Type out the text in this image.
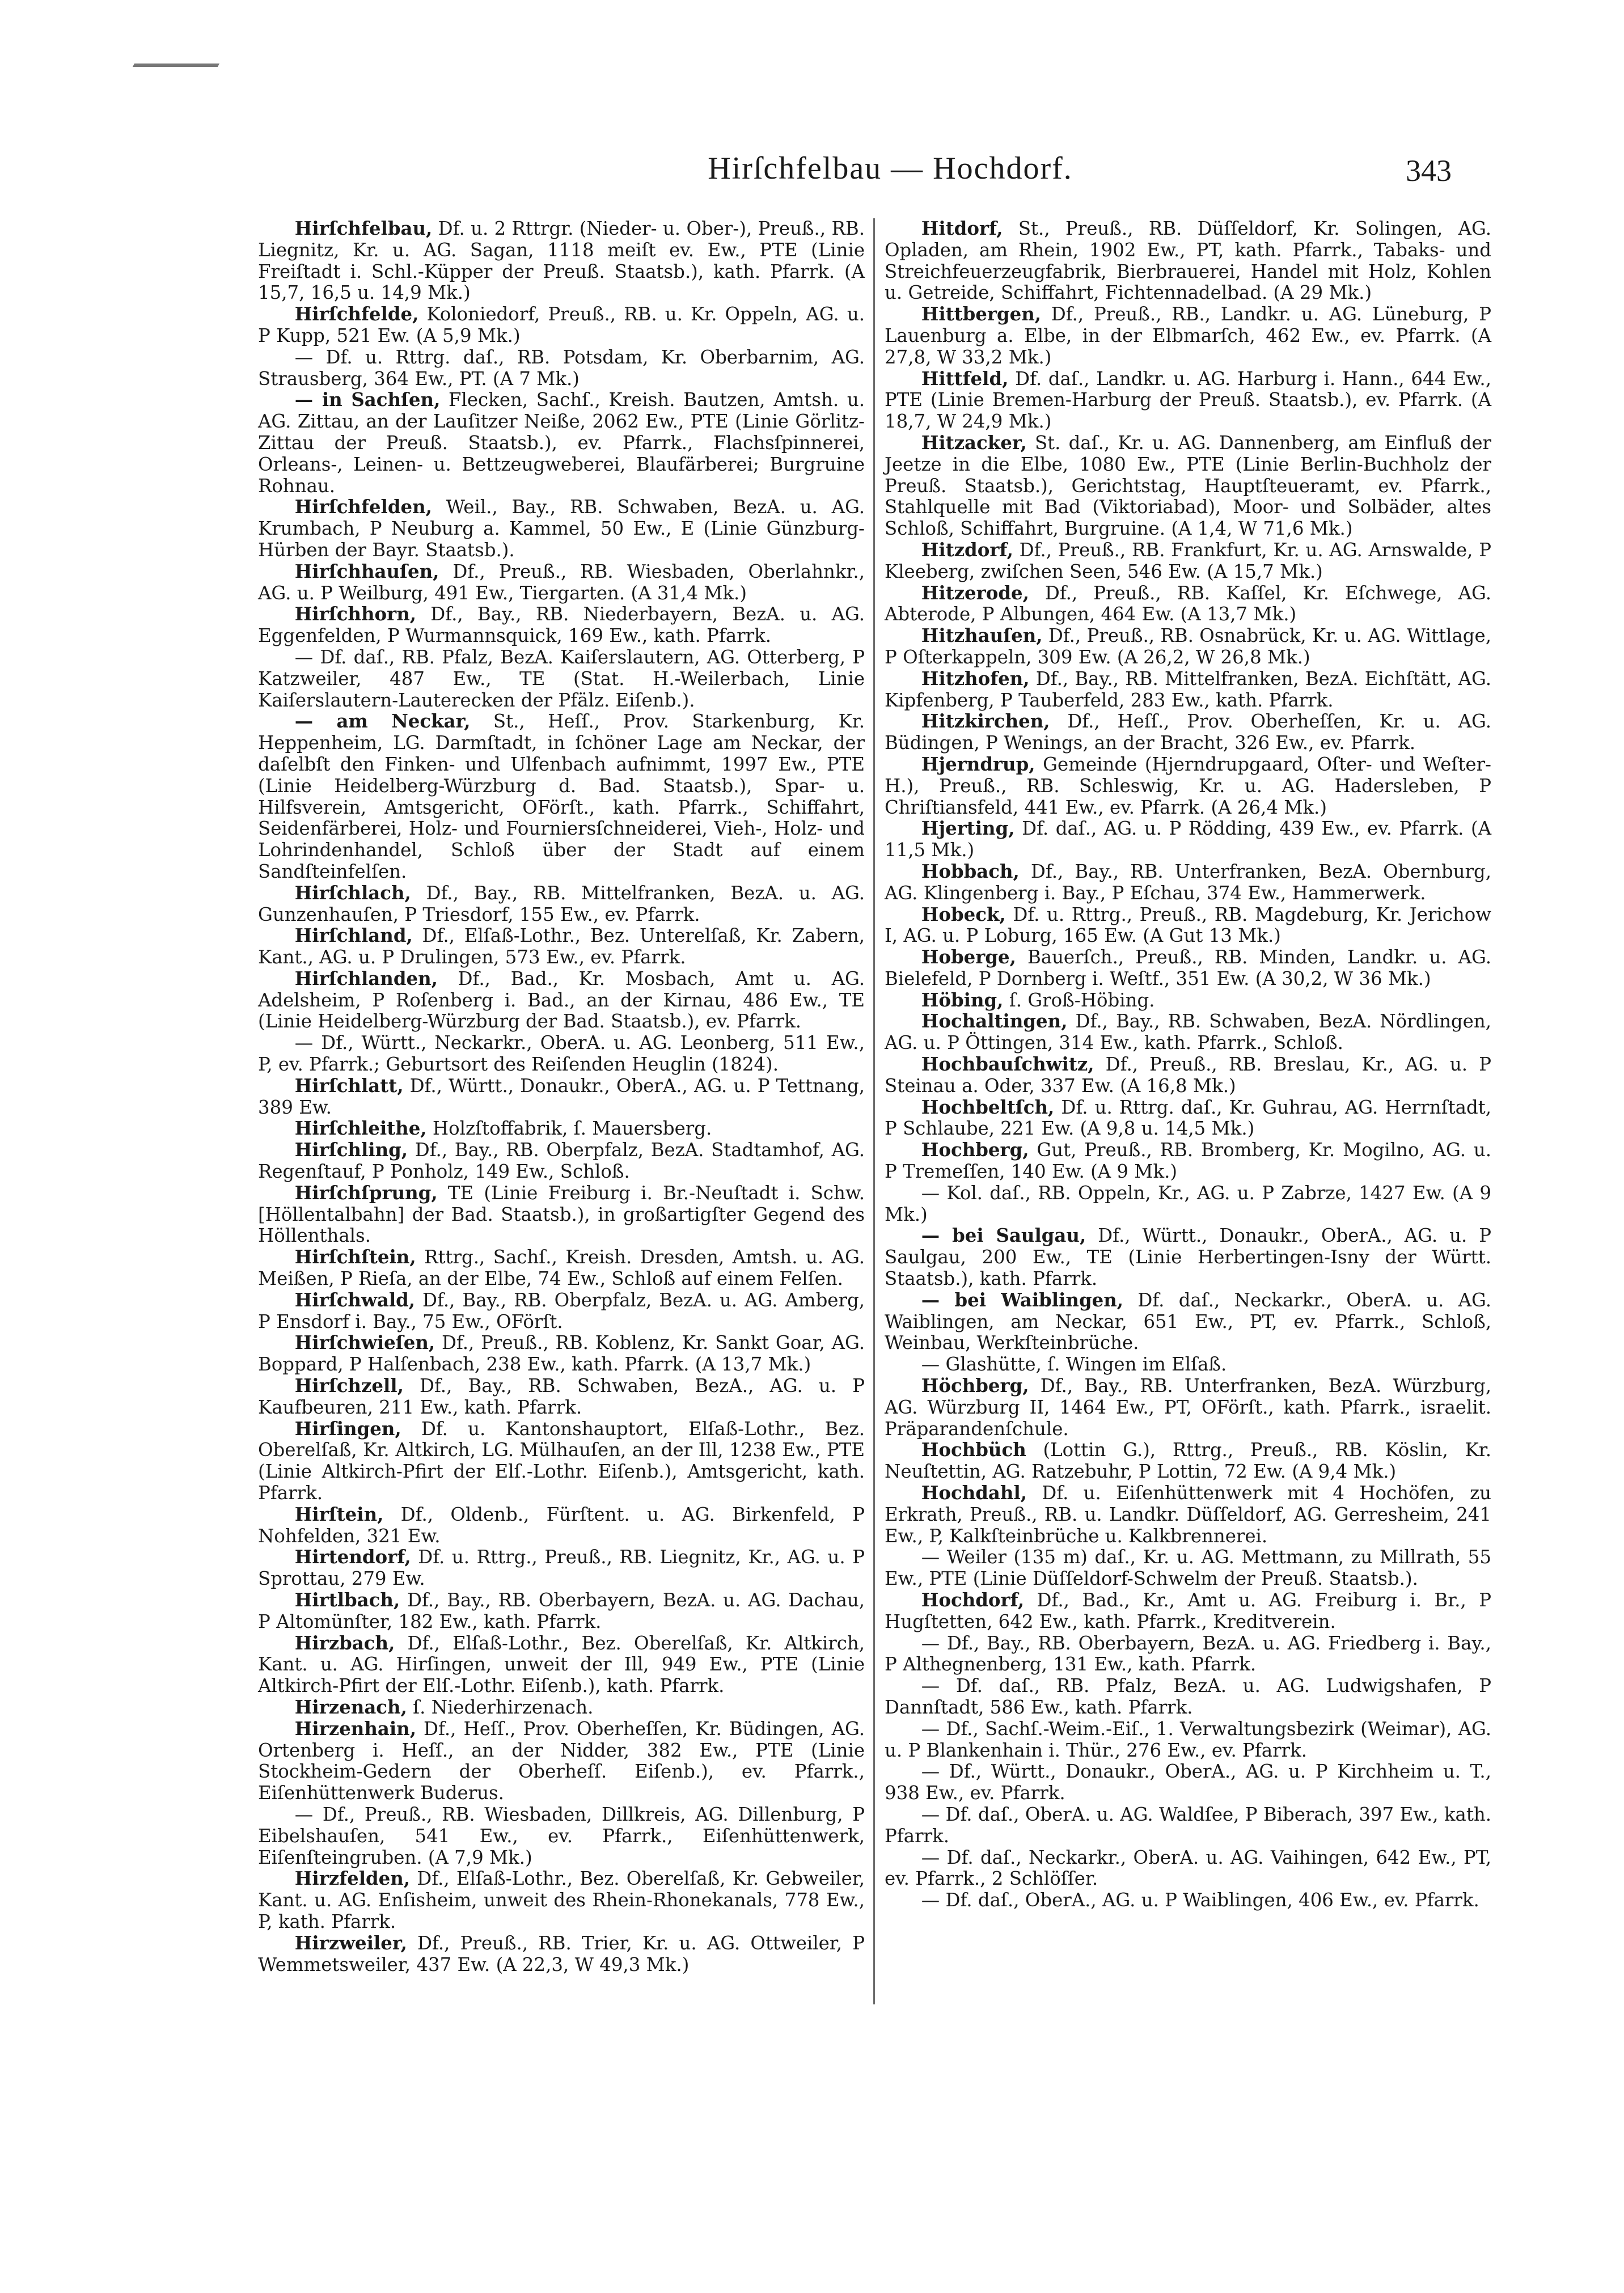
Hirſchfelbau — Hochdorf.	343

Hirſchfelbau, Df. u. 2 Rttrgr. (Nieder- u. Ober-), Preuß., RB. Liegnitz, Kr. u. AG. Sagan, 1118 meiſt ev. Ew., PTE (Linie Freiſtadt i. Schl.-Küpper der Preuß. Staatsb.), kath. Pfarrk. (A 15,7, 16,5 u. 14,9 Mk.)

Hirſchfelde, Koloniedorf, Preuß., RB. u. Kr. Oppeln, AG. u. P Kupp, 521 Ew. (A 5,9 Mk.)

— Df. u. Rttrg. daſ., RB. Potsdam, Kr. Oberbarnim, AG. Strausberg, 364 Ew., PT. (A 7 Mk.)

— in Sachſen, Flecken, Sachſ., Kreish. Bautzen, Amtsh. u. AG. Zittau, an der Lauſitzer Neiße, 2062 Ew., PTE (Linie Görlitz-Zittau der Preuß. Staatsb.), ev. Pfarrk., Flachsſpinnerei, Orleans-, Leinen- u. Bettzeugweberei, Blaufärberei; Burgruine Rohnau.

Hirſchfelden, Weil., Bay., RB. Schwaben, BezA. u. AG. Krumbach, P Neuburg a. Kammel, 50 Ew., E (Linie Günzburg-Hürben der Bayr. Staatsb.).

Hirſchhauſen, Df., Preuß., RB. Wiesbaden, Oberlahnkr., AG. u. P Weilburg, 491 Ew., Tiergarten. (A 31,4 Mk.)

Hirſchhorn, Df., Bay., RB. Niederbayern, BezA. u. AG. Eggenfelden, P Wurmannsquick, 169 Ew., kath. Pfarrk.

— Df. daſ., RB. Pfalz, BezA. Kaiſerslautern, AG. Otterberg, P Katzweiler, 487 Ew., TE (Stat. H.-Weilerbach, Linie Kaiſerslautern-Lauterecken der Pfälz. Eiſenb.).

— am Neckar, St., Heſſ., Prov. Starkenburg, Kr. Heppenheim, LG. Darmſtadt, in ſchöner Lage am Neckar, der daſelbſt den Finken- und Ulfenbach aufnimmt, 1997 Ew., PTE (Linie Heidelberg-Würzburg d. Bad. Staatsb.), Spar- u. Hilfsverein, Amtsgericht, OFörſt., kath. Pfarrk., Schiffahrt, Seidenfärberei, Holz- und Fourniersſchneiderei, Vieh-, Holz- und Lohrindenhandel, Schloß über der Stadt auf einem Sandſteinfelſen.

Hirſchlach, Df., Bay., RB. Mittelfranken, BezA. u. AG. Gunzenhauſen, P Triesdorf, 155 Ew., ev. Pfarrk.

Hirſchland, Df., Elſaß-Lothr., Bez. Unterelſaß, Kr. Zabern, Kant., AG. u. P Drulingen, 573 Ew., ev. Pfarrk.

Hirſchlanden, Df., Bad., Kr. Mosbach, Amt u. AG. Adelsheim, P Roſenberg i. Bad., an der Kirnau, 486 Ew., TE (Linie Heidelberg-Würzburg der Bad. Staatsb.), ev. Pfarrk.

— Df., Württ., Neckarkr., OberA. u. AG. Leonberg, 511 Ew., P, ev. Pfarrk.; Geburtsort des Reiſenden Heuglin (1824).

Hirſchlatt, Df., Württ., Donaukr., OberA., AG. u. P Tettnang, 389 Ew.

Hirſchleithe, Holzſtoffabrik, ſ. Mauersberg.

Hirſchling, Df., Bay., RB. Oberpfalz, BezA. Stadtamhof, AG. Regenſtauf, P Ponholz, 149 Ew., Schloß.

Hirſchſprung, TE (Linie Freiburg i. Br.-Neuſtadt i. Schw. [Höllentalbahn] der Bad. Staatsb.), in großartigſter Gegend des Höllenthals.

Hirſchſtein, Rttrg., Sachſ., Kreish. Dresden, Amtsh. u. AG. Meißen, P Rieſa, an der Elbe, 74 Ew., Schloß auf einem Felſen.

Hirſchwald, Df., Bay., RB. Oberpfalz, BezA. u. AG. Amberg, P Ensdorf i. Bay., 75 Ew., OFörſt.

Hirſchwieſen, Df., Preuß., RB. Koblenz, Kr. Sankt Goar, AG. Boppard, P Halſenbach, 238 Ew., kath. Pfarrk. (A 13,7 Mk.)

Hirſchzell, Df., Bay., RB. Schwaben, BezA., AG. u. P Kaufbeuren, 211 Ew., kath. Pfarrk.

Hirſingen, Df. u. Kantonshauptort, Elſaß-Lothr., Bez. Oberelſaß, Kr. Altkirch, LG. Mülhauſen, an der Ill, 1238 Ew., PTE (Linie Altkirch-Pfirt der Elſ.-Lothr. Eiſenb.), Amtsgericht, kath. Pfarrk.

Hirſtein, Df., Oldenb., Fürſtent. u. AG. Birkenfeld, P Nohfelden, 321 Ew.

Hirtendorf, Df. u. Rttrg., Preuß., RB. Liegnitz, Kr., AG. u. P Sprottau, 279 Ew.

Hirtlbach, Df., Bay., RB. Oberbayern, BezA. u. AG. Dachau, P Altomünſter, 182 Ew., kath. Pfarrk.

Hirzbach, Df., Elſaß-Lothr., Bez. Oberelſaß, Kr. Altkirch, Kant. u. AG. Hirſingen, unweit der Ill, 949 Ew., PTE (Linie Altkirch-Pfirt der Elſ.-Lothr. Eiſenb.), kath. Pfarrk.

Hirzenach, ſ. Niederhirzenach.

Hirzenhain, Df., Heſſ., Prov. Oberheſſen, Kr. Büdingen, AG. Ortenberg i. Heſſ., an der Nidder, 382 Ew., PTE (Linie Stockheim-Gedern der Oberheſſ. Eiſenb.), ev. Pfarrk., Eiſenhüttenwerk Buderus.

— Df., Preuß., RB. Wiesbaden, Dillkreis, AG. Dillenburg, P Eibelshauſen, 541 Ew., ev. Pfarrk., Eiſenhüttenwerk, Eiſenſteingruben. (A 7,9 Mk.)

Hirzfelden, Df., Elſaß-Lothr., Bez. Oberelſaß, Kr. Gebweiler, Kant. u. AG. Enſisheim, unweit des Rhein-Rhonekanals, 778 Ew., P, kath. Pfarrk.

Hirzweiler, Df., Preuß., RB. Trier, Kr. u. AG. Ottweiler, P Wemmetsweiler, 437 Ew. (A 22,3, W 49,3 Mk.)

Hitdorf, St., Preuß., RB. Düſſeldorf, Kr. Solingen, AG. Opladen, am Rhein, 1902 Ew., PT, kath. Pfarrk., Tabaks- und Streichfeuerzeugfabrik, Bierbrauerei, Handel mit Holz, Kohlen u. Getreide, Schiffahrt, Fichtennadelbad. (A 29 Mk.)

Hittbergen, Df., Preuß., RB., Landkr. u. AG. Lüneburg, P Lauenburg a. Elbe, in der Elbmarſch, 462 Ew., ev. Pfarrk. (A 27,8, W 33,2 Mk.)

Hittfeld, Df. daſ., Landkr. u. AG. Harburg i. Hann., 644 Ew., PTE (Linie Bremen-Harburg der Preuß. Staatsb.), ev. Pfarrk. (A 18,7, W 24,9 Mk.)

Hitzacker, St. daſ., Kr. u. AG. Dannenberg, am Einfluß der Jeetze in die Elbe, 1080 Ew., PTE (Linie Berlin-Buchholz der Preuß. Staatsb.), Gerichtstag, Hauptſteueramt, ev. Pfarrk., Stahlquelle mit Bad (Viktoriabad), Moor- und Solbäder, altes Schloß, Schiffahrt, Burgruine. (A 1,4, W 71,6 Mk.)

Hitzdorf, Df., Preuß., RB. Frankfurt, Kr. u. AG. Arnswalde, P Kleeberg, zwiſchen Seen, 546 Ew. (A 15,7 Mk.)

Hitzerode, Df., Preuß., RB. Kaſſel, Kr. Eſchwege, AG. Abterode, P Albungen, 464 Ew. (A 13,7 Mk.)

Hitzhauſen, Df., Preuß., RB. Osnabrück, Kr. u. AG. Wittlage, P Oſterkappeln, 309 Ew. (A 26,2, W 26,8 Mk.)

Hitzhofen, Df., Bay., RB. Mittelfranken, BezA. Eichſtätt, AG. Kipfenberg, P Tauberfeld, 283 Ew., kath. Pfarrk.

Hitzkirchen, Df., Heſſ., Prov. Oberheſſen, Kr. u. AG. Büdingen, P Wenings, an der Bracht, 326 Ew., ev. Pfarrk.

Hjerndrup, Gemeinde (Hjerndrupgaard, Oſter- und Weſter-H.), Preuß., RB. Schleswig, Kr. u. AG. Hadersleben, P Chriſtiansfeld, 441 Ew., ev. Pfarrk. (A 26,4 Mk.)

Hjerting, Df. daſ., AG. u. P Rödding, 439 Ew., ev. Pfarrk. (A 11,5 Mk.)

Hobbach, Df., Bay., RB. Unterfranken, BezA. Obernburg, AG. Klingenberg i. Bay., P Eſchau, 374 Ew., Hammerwerk.

Hobeck, Df. u. Rttrg., Preuß., RB. Magdeburg, Kr. Jerichow I, AG. u. P Loburg, 165 Ew. (A Gut 13 Mk.)

Hoberge, Bauerſch., Preuß., RB. Minden, Landkr. u. AG. Bielefeld, P Dornberg i. Weſtf., 351 Ew. (A 30,2, W 36 Mk.)

Höbing, ſ. Groß-Höbing.

Hochaltingen, Df., Bay., RB. Schwaben, BezA. Nördlingen, AG. u. P Öttingen, 314 Ew., kath. Pfarrk., Schloß.

Hochbauſchwitz, Df., Preuß., RB. Breslau, Kr., AG. u. P Steinau a. Oder, 337 Ew. (A 16,8 Mk.)

Hochbeltſch, Df. u. Rttrg. daſ., Kr. Guhrau, AG. Herrnſtadt, P Schlaube, 221 Ew. (A 9,8 u. 14,5 Mk.)

Hochberg, Gut, Preuß., RB. Bromberg, Kr. Mogilno, AG. u. P Tremeſſen, 140 Ew. (A 9 Mk.)

— Kol. daſ., RB. Oppeln, Kr., AG. u. P Zabrze, 1427 Ew. (A 9 Mk.)

— bei Saulgau, Df., Württ., Donaukr., OberA., AG. u. P Saulgau, 200 Ew., TE (Linie Herbertingen-Isny der Württ. Staatsb.), kath. Pfarrk.

— bei Waiblingen, Df. daſ., Neckarkr., OberA. u. AG. Waiblingen, am Neckar, 651 Ew., PT, ev. Pfarrk., Schloß, Weinbau, Werkſteinbrüche.

— Glashütte, ſ. Wingen im Elſaß.

Höchberg, Df., Bay., RB. Unterfranken, BezA. Würzburg, AG. Würzburg II, 1464 Ew., PT, OFörſt., kath. Pfarrk., israelit. Präparandenſchule.

Hochbüch (Lottin G.), Rttrg., Preuß., RB. Köslin, Kr. Neuſtettin, AG. Ratzebuhr, P Lottin, 72 Ew. (A 9,4 Mk.)

Hochdahl, Df. u. Eiſenhüttenwerk mit 4 Hochöfen, zu Erkrath, Preuß., RB. u. Landkr. Düſſeldorf, AG. Gerresheim, 241 Ew., P, Kalkſteinbrüche u. Kalkbrennerei.

— Weiler (135 m) daſ., Kr. u. AG. Mettmann, zu Millrath, 55 Ew., PTE (Linie Düſſeldorf-Schwelm der Preuß. Staatsb.).

Hochdorf, Df., Bad., Kr., Amt u. AG. Freiburg i. Br., P Hugſtetten, 642 Ew., kath. Pfarrk., Kreditverein.

— Df., Bay., RB. Oberbayern, BezA. u. AG. Friedberg i. Bay., P Althegnenberg, 131 Ew., kath. Pfarrk.

— Df. daſ., RB. Pfalz, BezA. u. AG. Ludwigshafen, P Dannſtadt, 586 Ew., kath. Pfarrk.

— Df., Sachſ.-Weim.-Eiſ., 1. Verwaltungsbezirk (Weimar), AG. u. P Blankenhain i. Thür., 276 Ew., ev. Pfarrk.

— Df., Württ., Donaukr., OberA., AG. u. P Kirchheim u. T., 938 Ew., ev. Pfarrk.

— Df. daſ., OberA. u. AG. Waldſee, P Biberach, 397 Ew., kath. Pfarrk.

— Df. daſ., Neckarkr., OberA. u. AG. Vaihingen, 642 Ew., PT, ev. Pfarrk., 2 Schlöſſer.

— Df. daſ., OberA., AG. u. P Waiblingen, 406 Ew., ev. Pfarrk.
